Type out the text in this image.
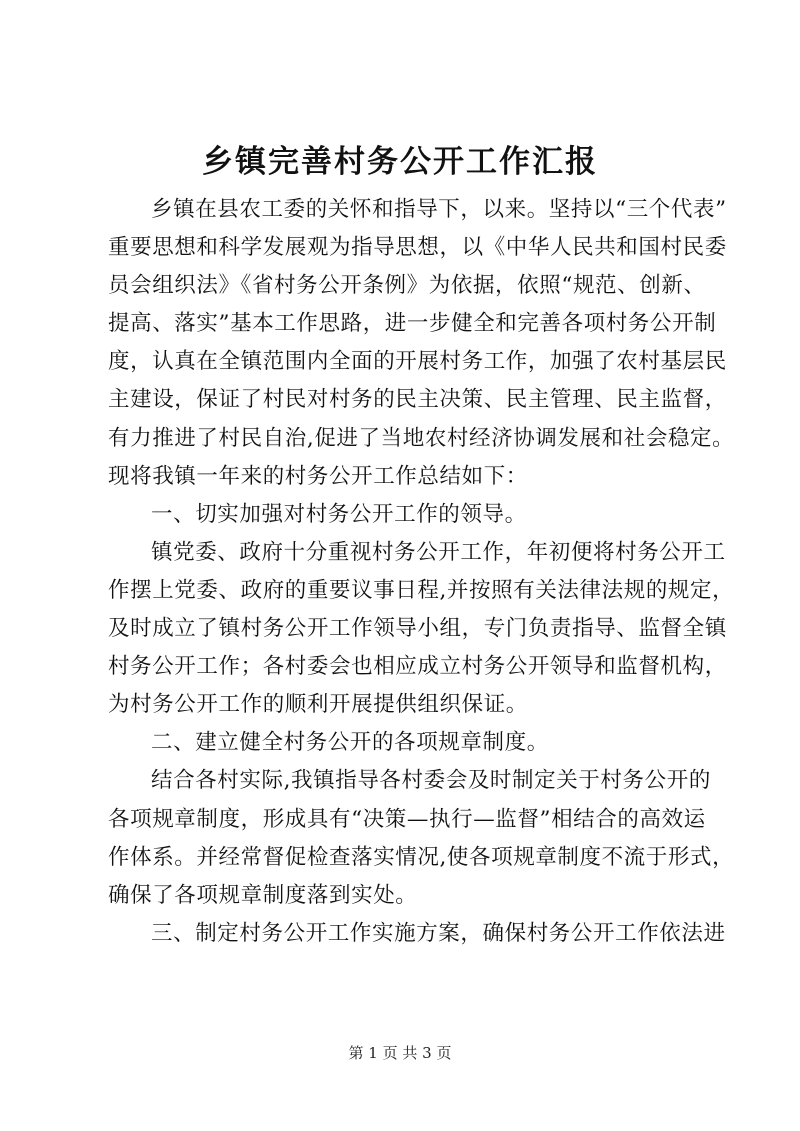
乡镇完善村务公开工作汇报
乡镇在县农工委的关怀和指导下，以来。坚持以“三个代表”
重要思想和科学发展观为指导思想，以《中华人民共和国村民委
员会组织法》《省村务公开条例》为依据，依照“规范、创新、
提高、落实”基本工作思路，进一步健全和完善各项村务公开制
度，认真在全镇范围内全面的开展村务工作，加强了农村基层民
主建设，保证了村民对村务的民主决策、民主管理、民主监督，
有力推进了村民自治,促进了当地农村经济协调发展和社会稳定。
现将我镇一年来的村务公开工作总结如下：
一、切实加强对村务公开工作的领导。
镇党委、政府十分重视村务公开工作，年初便将村务公开工
作摆上党委、政府的重要议事日程,并按照有关法律法规的规定，
及时成立了镇村务公开工作领导小组，专门负责指导、监督全镇
村务公开工作；各村委会也相应成立村务公开领导和监督机构，
为村务公开工作的顺利开展提供组织保证。
二、建立健全村务公开的各项规章制度。
结合各村实际,我镇指导各村委会及时制定关于村务公开的
各项规章制度，形成具有“决策—执行—监督”相结合的高效运
作体系。并经常督促检查落实情况,使各项规章制度不流于形式，
确保了各项规章制度落到实处。
三、制定村务公开工作实施方案，确保村务公开工作依法进
第 1 页 共 3 页
